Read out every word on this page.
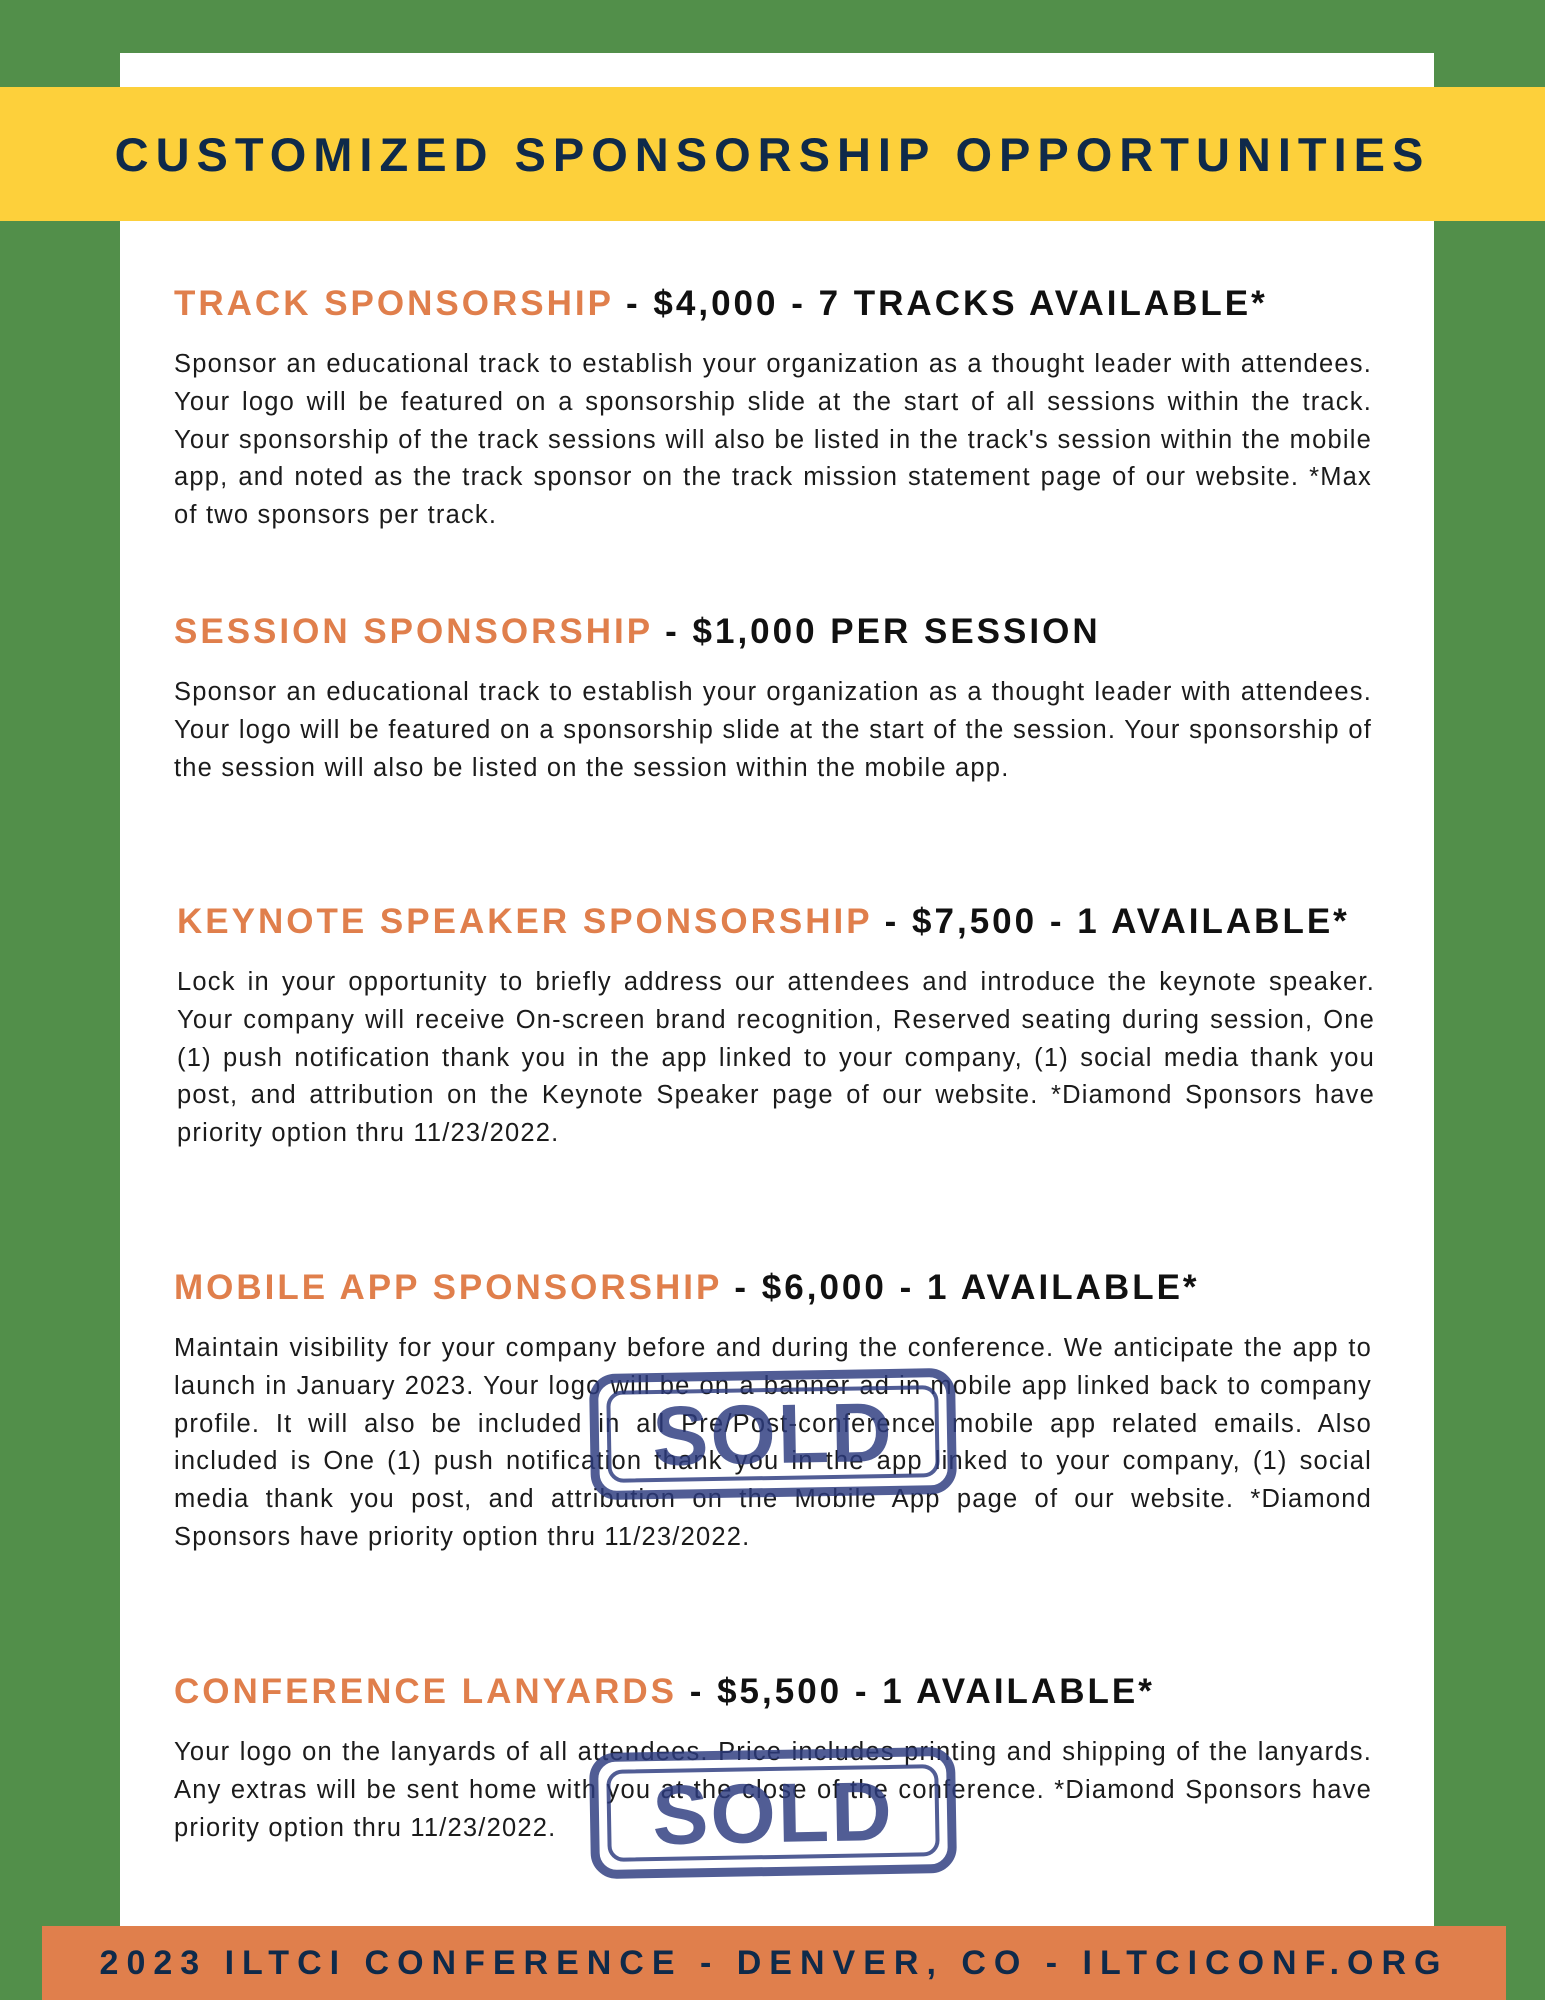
CUSTOMIZED SPONSORSHIP OPPORTUNITIES
TRACK SPONSORSHIP - $4,000 - 7 TRACKS AVAILABLE*
Sponsor an educational track to establish your organization as a thought leader with attendees. Your logo will be featured on a sponsorship slide at the start of all sessions within the track. Your sponsorship of the track sessions will also be listed in the track's session within the mobile app, and noted as the track sponsor on the track mission statement page of our website. *Max of two sponsors per track.
SESSION SPONSORSHIP - $1,000 PER SESSION
Sponsor an educational track to establish your organization as a thought leader with attendees. Your logo will be featured on a sponsorship slide at the start of the session. Your sponsorship of the session will also be listed on the session within the mobile app.
KEYNOTE SPEAKER SPONSORSHIP - $7,500 - 1 AVAILABLE*
Lock in your opportunity to briefly address our attendees and introduce the keynote speaker. Your company will receive On-screen brand recognition, Reserved seating during session, One (1) push notification thank you in the app linked to your company, (1) social media thank you post, and attribution on the Keynote Speaker page of our website. *Diamond Sponsors have priority option thru 11/23/2022.
MOBILE APP SPONSORSHIP - $6,000 - 1 AVAILABLE*
Maintain visibility for your company before and during the conference. We anticipate the app to launch in January 2023. Your logo will be on a banner ad in mobile app linked back to company profile. It will also be included in all Pre/Post-conference mobile app related emails. Also included is One (1) push notification thank you in the app linked to your company, (1) social media thank you post, and attribution on the Mobile App page of our website. *Diamond Sponsors have priority option thru 11/23/2022.
CONFERENCE LANYARDS - $5,500 - 1 AVAILABLE*
Your logo on the lanyards of all attendees. Price includes printing and shipping of the lanyards. Any extras will be sent home with you at the close of the conference. *Diamond Sponsors have priority option thru 11/23/2022.
SOLD
SOLD
2023 ILTCI CONFERENCE - DENVER, CO - ILTCICONF.ORG
